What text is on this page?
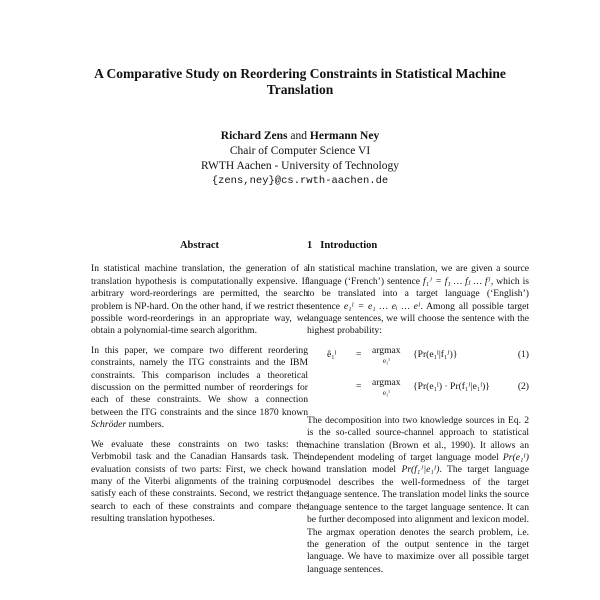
A Comparative Study on Reordering Constraints in Statistical Machine Translation
Richard Zens and Hermann Ney
Chair of Computer Science VI
RWTH Aachen - University of Technology
{zens,ney}@cs.rwth-aachen.de
Abstract

In statistical machine translation, the generation of a translation hypothesis is computationally expensive. If arbitrary word-reorderings are permitted, the search problem is NP-hard. On the other hand, if we restrict the possible word-reorderings in an appropriate way, we obtain a polynomial-time search algorithm.

In this paper, we compare two different reordering constraints, namely the ITG constraints and the IBM constraints. This comparison includes a theoretical discussion on the permitted number of reorderings for each of these constraints. We show a connection between the ITG constraints and the since 1870 known Schröder numbers.

We evaluate these constraints on two tasks: the Verbmobil task and the Canadian Hansards task. The evaluation consists of two parts: First, we check how many of the Viterbi alignments of the training corpus satisfy each of these constraints. Second, we restrict the search to each of these constraints and compare the resulting translation hypotheses.

1 Introduction

In statistical machine translation, we are given a source language (‘French’) sentence f₁ᴶ = f₁ … fⱼ … fᴶ, which is to be translated into a target language (‘English’) sentence e₁ᴵ = e₁ … eᵢ … eᴵ. Among all possible target language sentences, we will choose the sentence with the highest probability:

ê₁ᴵ = argmax
e₁ᴵ
{Pr(e₁ᴵ|f₁ᴶ)}	(1)
= argmax
e₁ᴵ
{Pr(e₁ᴵ) · Pr(f₁ᴶ|e₁ᴵ)}	(2)

The decomposition into two knowledge sources in Eq. 2 is the so-called source-channel approach to statistical machine translation (Brown et al., 1990). It allows an independent modeling of target language model Pr(e₁ᴵ) and translation model Pr(f₁ᴶ|e₁ᴵ). The target language model describes the well-formedness of the target language sentence. The translation model links the source language sentence to the target language sentence. It can be further decomposed into alignment and lexicon model. The argmax operation denotes the search problem, i.e. the generation of the output sentence in the target language. We have to maximize over all possible target language sentences.
